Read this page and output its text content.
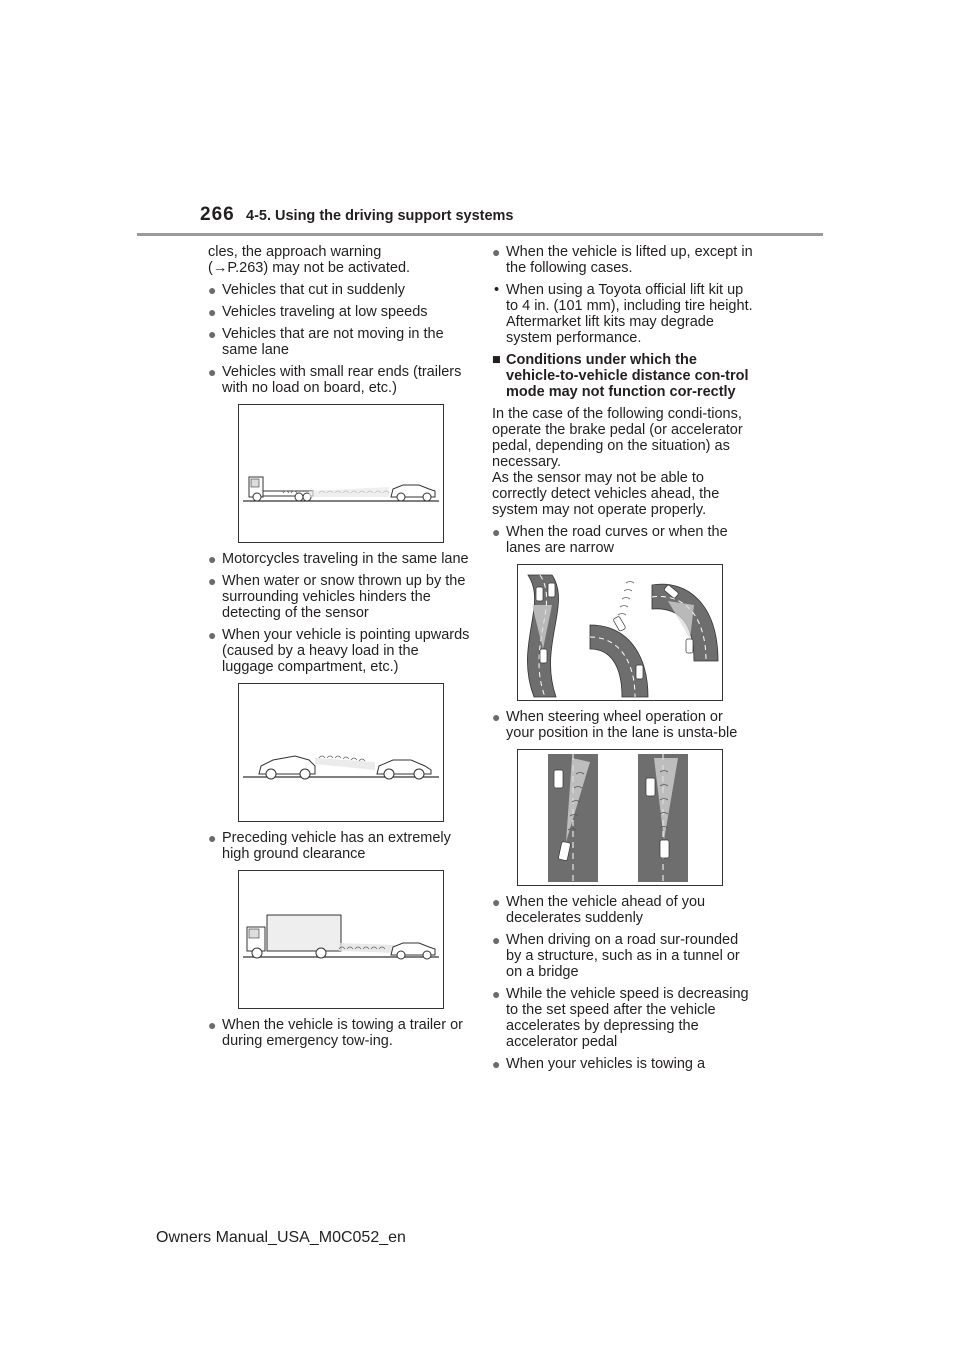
266 4-5. Using the driving support systems

cles, the approach warning
(→P.263) may not be activated.

● Vehicles that cut in suddenly

● Vehicles traveling at low speeds

● Vehicles that are not moving in the same lane

● Vehicles with small rear ends (trailers with no load on board, etc.)

● Motorcycles traveling in the same lane

● When water or snow thrown up by the surrounding vehicles hinders the detecting of the sensor

● When your vehicle is pointing upwards (caused by a heavy load in the luggage compartment, etc.)

● Preceding vehicle has an extremely high ground clearance

● When the vehicle is towing a trailer or during emergency tow-ing.

● When the vehicle is lifted up, except in the following cases.

• When using a Toyota official lift kit up to 4 in. (101 mm), including tire height. Aftermarket lift kits may degrade system performance.

■ Conditions under which the vehicle-to-vehicle distance con-trol mode may not function cor-rectly

In the case of the following condi-tions, operate the brake pedal (or accelerator pedal, depending on the situation) as necessary.

As the sensor may not be able to correctly detect vehicles ahead, the system may not operate properly.

● When the road curves or when the lanes are narrow

● When steering wheel operation or your position in the lane is unsta-ble

● When the vehicle ahead of you decelerates suddenly

● When driving on a road sur-rounded by a structure, such as in a tunnel or on a bridge

● While the vehicle speed is decreasing to the set speed after the vehicle accelerates by depressing the accelerator pedal

● When your vehicles is towing a

Owners Manual_USA_M0C052_en
